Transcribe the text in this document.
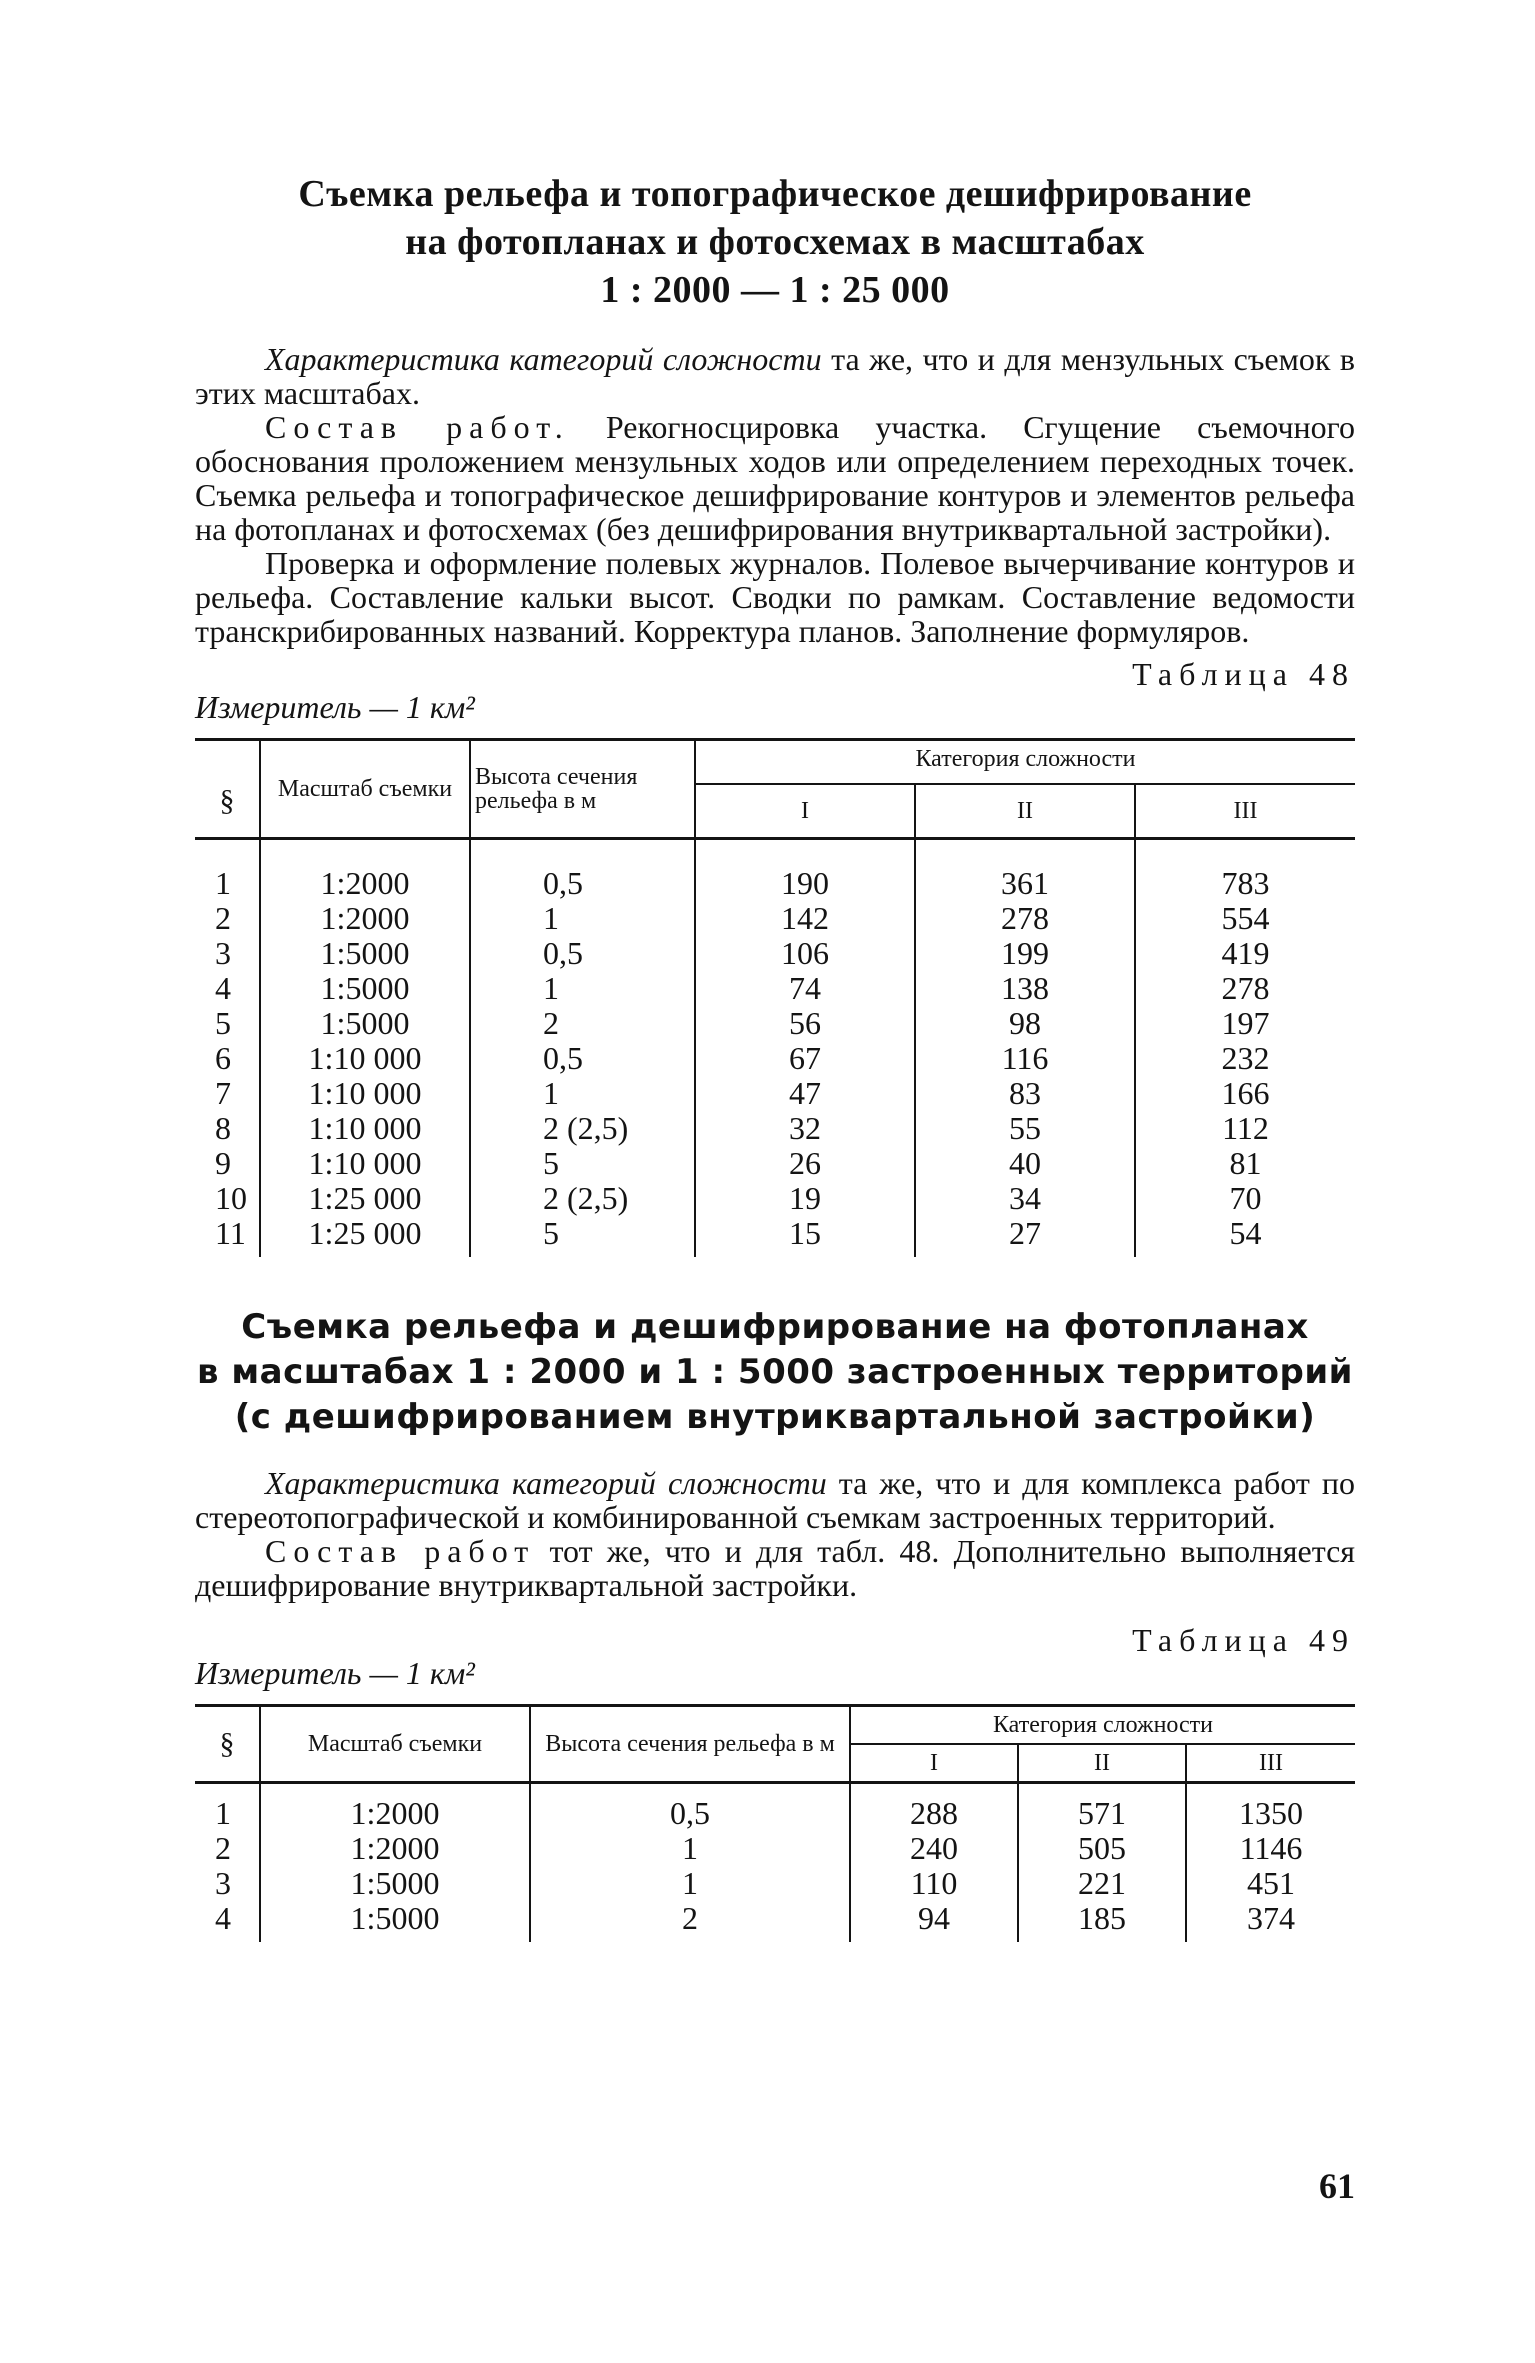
Съемка рельефа и топографическое дешифрирование
на фотопланах и фотосхемах в масштабах
1 : 2000 — 1 : 25 000

Характеристика категорий сложности та же, что и для мензульных съемок в этих масштабах.

Состав работ. Рекогносцировка участка. Сгущение съемочного обоснования проложением мензульных ходов или определением переходных точек. Съемка рельефа и топографическое дешифрирование контуров и элементов рельефа на фотопланах и фотосхемах (без дешифрирования внутриквартальной застройки).

Проверка и оформление полевых журналов. Полевое вычерчивание контуров и рельефа. Составление кальки высот. Сводки по рамкам. Составление ведомости транскрибированных названий. Корректура планов. Заполнение формуляров.

Таблица 48
Измеритель — 1 км²
§	Масштаб съемки	Высота сечения рельефа в м	Категория сложности		
			I	II	III
1	1:2000	0,5	190	361	783
2	1:2000	1	142	278	554
3	1:5000	0,5	106	199	419
4	1:5000	1	74	138	278
5	1:5000	2	56	98	197
6	1:10 000	0,5	67	116	232
7	1:10 000	1	47	83	166
8	1:10 000	2 (2,5)	32	55	112
9	1:10 000	5	26	40	81
10	1:25 000	2 (2,5)	19	34	70
11	1:25 000	5	15	27	54
Съемка рельефа и дешифрирование на фотопланах
в масштабах 1 : 2000 и 1 : 5000 застроенных территорий
(с дешифрированием внутриквартальной застройки)

Характеристика категорий сложности та же, что и для комплекса работ по стереотопографической и комбинированной съемкам застроенных территорий.

Состав работ тот же, что и для табл. 48. Дополнительно выполняется дешифрирование внутриквартальной застройки.

Таблица 49
Измеритель — 1 км²
§	Масштаб съемки	Высота сечения рельефа в м	Категория сложности		
			I	II	III
1	1:2000	0,5	288	571	1350
2	1:2000	1	240	505	1146
3	1:5000	1	110	221	451
4	1:5000	2	94	185	374
61
